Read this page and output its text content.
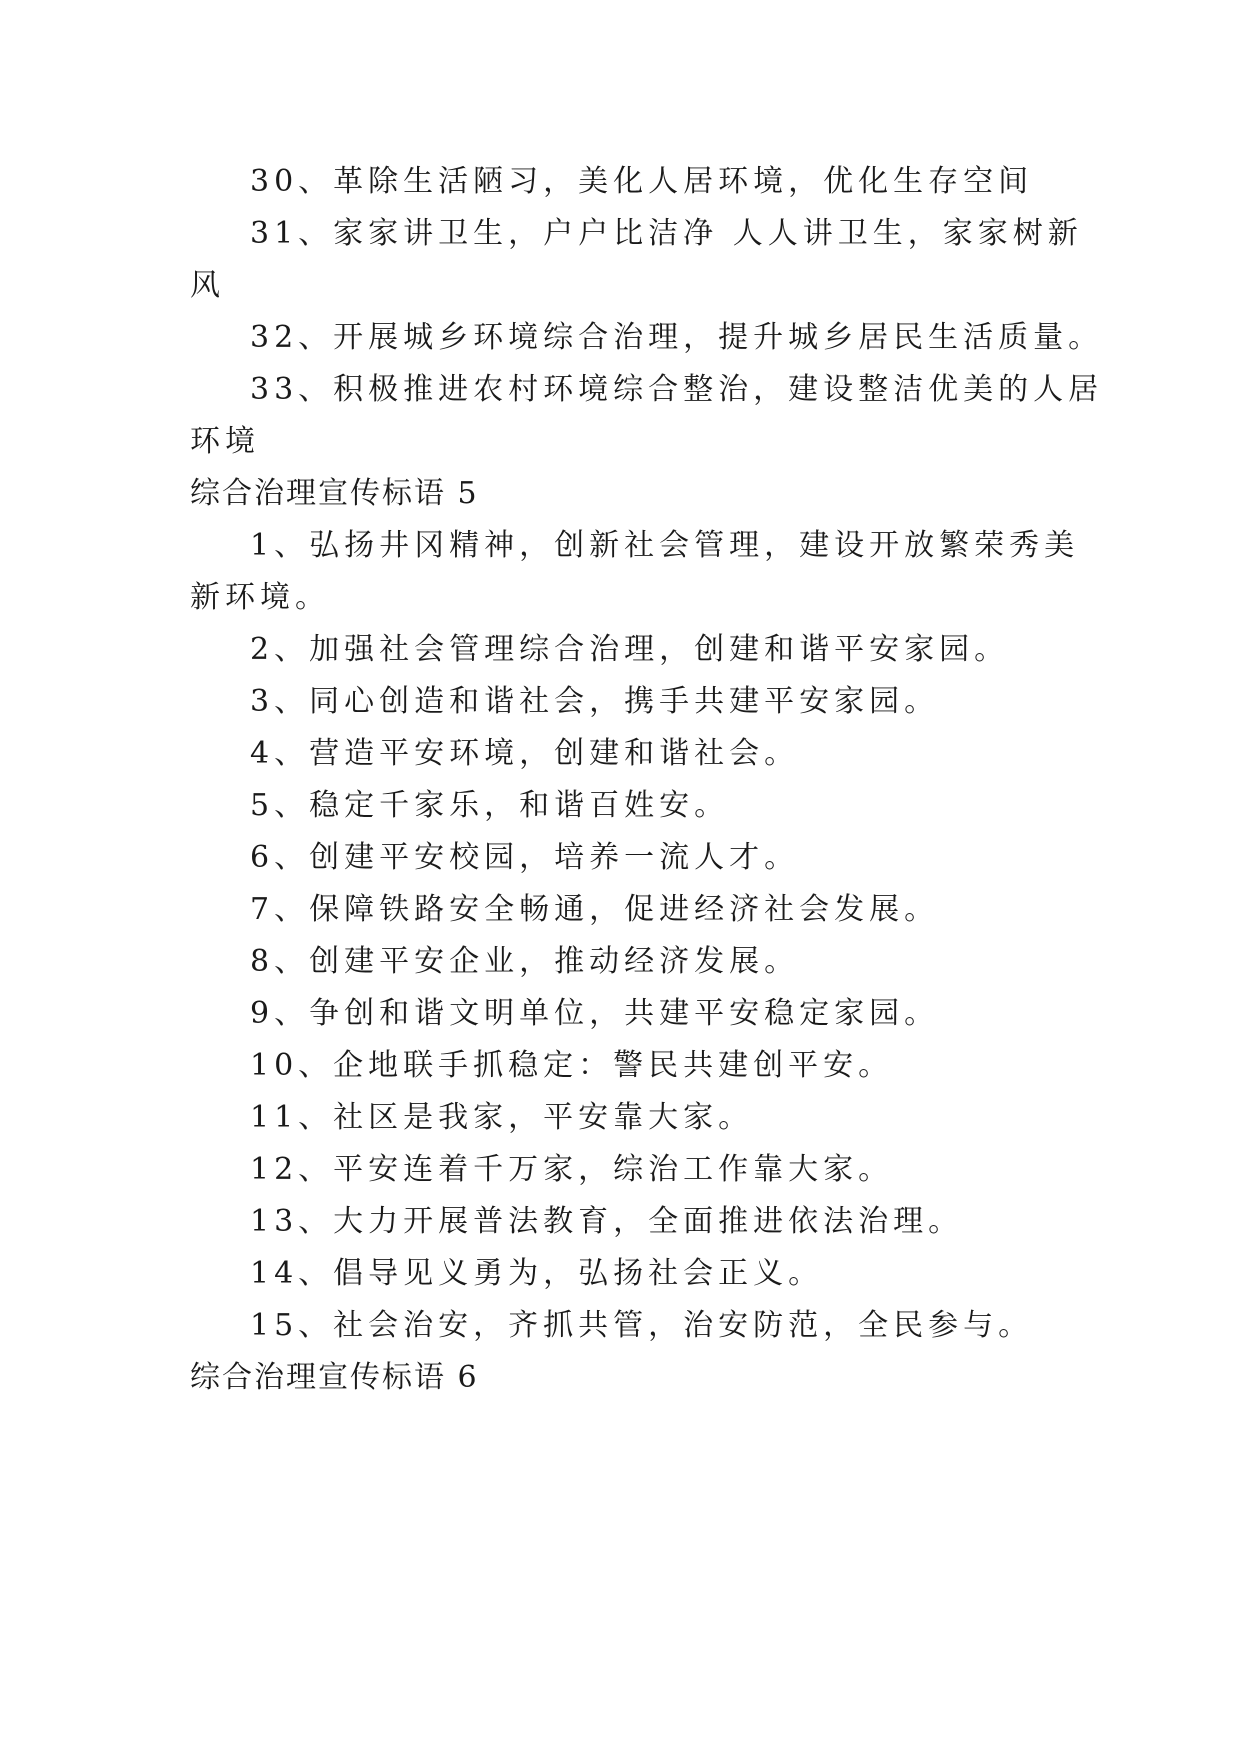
30、革除生活陋习，美化人居环境，优化生存空间
31、家家讲卫生，户户比洁净 人人讲卫生，家家树新
风
32、开展城乡环境综合治理，提升城乡居民生活质量。
33、积极推进农村环境综合整治，建设整洁优美的人居
环境
综合治理宣传标语 5
1、弘扬井冈精神，创新社会管理，建设开放繁荣秀美
新环境。
2、加强社会管理综合治理，创建和谐平安家园。
3、同心创造和谐社会，携手共建平安家园。
4、营造平安环境，创建和谐社会。
5、稳定千家乐，和谐百姓安。
6、创建平安校园，培养一流人才。
7、保障铁路安全畅通，促进经济社会发展。
8、创建平安企业，推动经济发展。
9、争创和谐文明单位，共建平安稳定家园。
10、企地联手抓稳定：警民共建创平安。
11、社区是我家，平安靠大家。
12、平安连着千万家，综治工作靠大家。
13、大力开展普法教育，全面推进依法治理。
14、倡导见义勇为，弘扬社会正义。
15、社会治安，齐抓共管，治安防范，全民参与。
综合治理宣传标语 6
